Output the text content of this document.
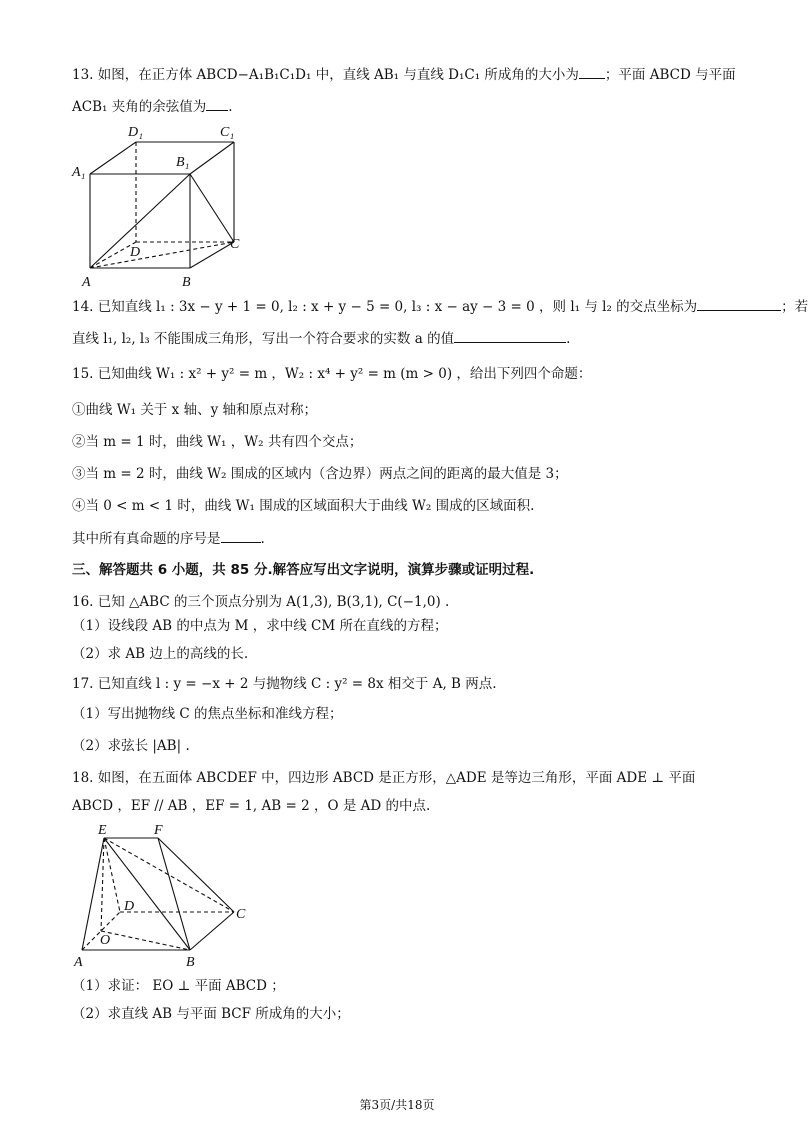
13. 如图，在正方体 ABCD−A₁B₁C₁D₁ 中，直线 AB₁ 与直线 D₁C₁ 所成角的大小为 ；平面 ABCD 与平面
ACB₁ 夹角的余弦值为 .
D₁	C₁
B₁
A₁
D
C
A	B
14. 已知直线 l₁ : 3x − y + 1 = 0, l₂ : x + y − 5 = 0, l₃ : x − ay − 3 = 0 ，则 l₁ 与 l₂ 的交点坐标为	；若
直线 l₁, l₂, l₃ 不能围成三角形，写出一个符合要求的实数 a 的值	.
15. 已知曲线 W₁ : x² + y² = m ，W₂ : x⁴ + y² = m (m > 0) ，给出下列四个命题：
①曲线 W₁ 关于 x 轴、y 轴和原点对称；
②当 m = 1 时，曲线 W₁ ，W₂ 共有四个交点；
③当 m = 2 时，曲线 W₂ 围成的区域内（含边界）两点之间的距离的最大值是 3；
④当 0 < m < 1 时，曲线 W₁ 围成的区域面积大于曲线 W₂ 围成的区域面积.
其中所有真命题的序号是	.
三、解答题共 6 小题，共 85 分.解答应写出文字说明，演算步骤或证明过程.
16. 已知 △ABC 的三个顶点分别为 A(1,3), B(3,1), C(−1,0) .
（1）设线段 AB 的中点为 M ，求中线 CM 所在直线的方程；
（2）求 AB 边上的高线的长.
17. 已知直线 l : y = −x + 2 与抛物线 C : y² = 8x 相交于 A, B 两点.
（1）写出抛物线 C 的焦点坐标和准线方程；
（2）求弦长 |AB| .
18. 如图，在五面体 ABCDEF 中，四边形 ABCD 是正方形，△ADE 是等边三角形，平面 ADE ⊥ 平面
ABCD ，EF // AB ，EF = 1, AB = 2 ，O 是 AD 的中点.
E	F
D
C
O
A	B
（1）求证： EO ⊥ 平面 ABCD ；
（2）求直线 AB 与平面 BCF 所成角的大小；
第3页/共18页
